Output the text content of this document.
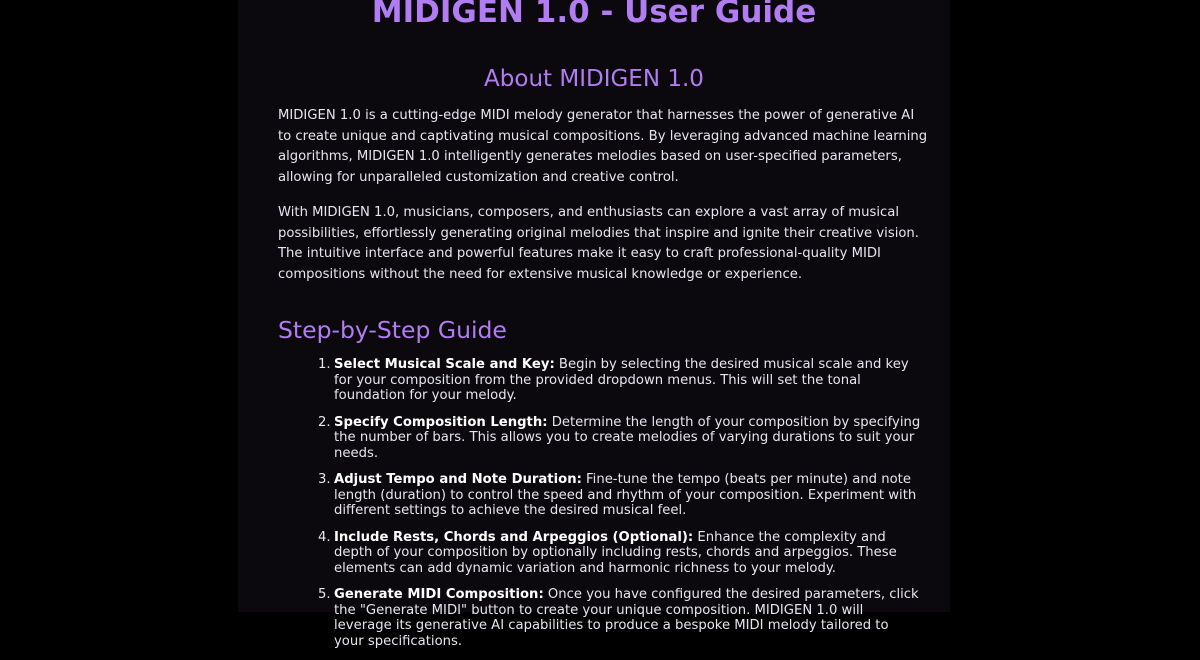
MIDIGEN 1.0 - User Guide
About MIDIGEN 1.0

MIDIGEN 1.0 is a cutting-edge MIDI melody generator that harnesses the power of generative AI to create unique and captivating musical compositions. By leveraging advanced machine learning algorithms, MIDIGEN 1.0 intelligently generates melodies based on user-specified parameters, allowing for unparalleled customization and creative control.

With MIDIGEN 1.0, musicians, composers, and enthusiasts can explore a vast array of musical possibilities, effortlessly generating original melodies that inspire and ignite their creative vision. The intuitive interface and powerful features make it easy to craft professional-quality MIDI compositions without the need for extensive musical knowledge or experience.

Step-by-Step Guide
1. Select Musical Scale and Key: Begin by selecting the desired musical scale and key for your composition from the provided dropdown menus. This will set the tonal foundation for your melody.
2. Specify Composition Length: Determine the length of your composition by specifying the number of bars. This allows you to create melodies of varying durations to suit your needs.
3. Adjust Tempo and Note Duration: Fine-tune the tempo (beats per minute) and note length (duration) to control the speed and rhythm of your composition. Experiment with different settings to achieve the desired musical feel.
4. Include Rests, Chords and Arpeggios (Optional): Enhance the complexity and depth of your composition by optionally including rests, chords and arpeggios. These elements can add dynamic variation and harmonic richness to your melody.
5. Generate MIDI Composition: Once you have configured the desired parameters, click the "Generate MIDI" button to create your unique composition. MIDIGEN 1.0 will leverage its generative AI capabilities to produce a bespoke MIDI melody tailored to your specifications.
